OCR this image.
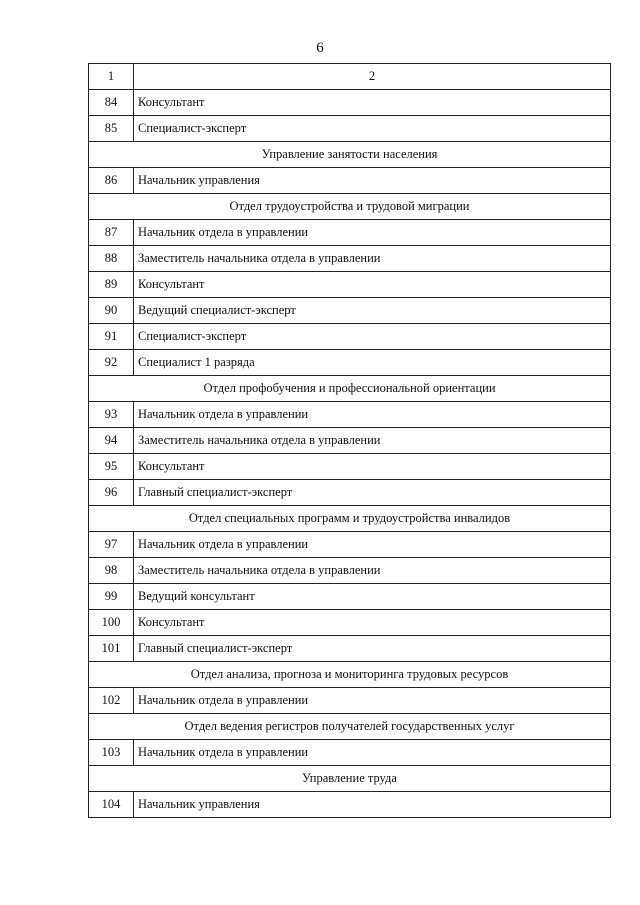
6
1	2
84	Консультант
85	Специалист-эксперт
Управление занятости населения	
86	Начальник управления
Отдел трудоустройства и трудовой миграции	
87	Начальник отдела в управлении
88	Заместитель начальника отдела в управлении
89	Консультант
90	Ведущий специалист-эксперт
91	Специалист-эксперт
92	Специалист 1 разряда
Отдел профобучения и профессиональной ориентации	
93	Начальник отдела в управлении
94	Заместитель начальника отдела в управлении
95	Консультант
96	Главный специалист-эксперт
Отдел специальных программ и трудоустройства инвалидов	
97	Начальник отдела в управлении
98	Заместитель начальника отдела в управлении
99	Ведущий консультант
100	Консультант
101	Главный специалист-эксперт
Отдел анализа, прогноза и мониторинга трудовых ресурсов	
102	Начальник отдела в управлении
Отдел ведения регистров получателей государственных услуг	
103	Начальник отдела в управлении
Управление труда	
104	Начальник управления
